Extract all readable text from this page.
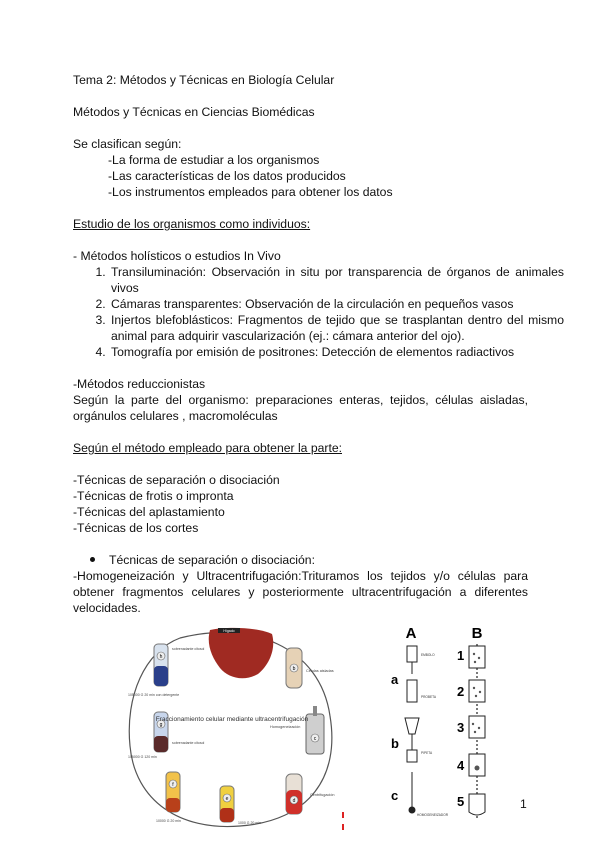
Tema 2: Métodos y Técnicas en Biología Celular
Métodos y Técnicas en Ciencias Biomédicas
Se clasifican según:
-La forma de estudiar a los organismos
-Las características de los datos producidos
-Los instrumentos empleados para obtener los datos
Estudio de los organismos como individuos:
- Métodos holísticos o estudios In Vivo
1. Transiluminación: Observación in situ por transparencia de órganos de animales vivos
2. Cámaras transparentes: Observación de la circulación en pequeños vasos
3. Injertos blefoblásticos: Fragmentos de tejido que se trasplantan dentro del mismo animal para adquirir vascularización (ej.: cámara anterior del ojo).
4. Tomografía por emisión de positrones: Detección de elementos radiactivos
-Métodos reduccionistas
Según la parte del organismo: preparaciones enteras, tejidos, células aisladas, orgánulos celulares , macromoléculas
Según el método empleado para obtener la parte:
-Técnicas de separación o disociación
-Técnicas de frotis o impronta
-Técnicas del aplastamiento
-Técnicas de los cortes
Técnicas de separación o disociación:
-Homogeneización y Ultracentrifugación:Trituramos los tejidos y/o células para obtener fragmentos celulares y posteriormente ultracentrifugación a diferentes velocidades.
Hígado
h
sobrenadante citosol
105000 G 20 min con detergente
g
sobrenadante citosol
105000 G 120 min
f
10000 G 20 min
e
1000 G 20 min
d
Centrifugación
c
Homogeneización
b	Células aisladas
Fraccionamiento celular mediante ultracentrifugación
A	B
a
b
c
EMBOLO
PROBETA
PIPETA
HOMOGENEIZADOR
1
2
3
4
5	1
